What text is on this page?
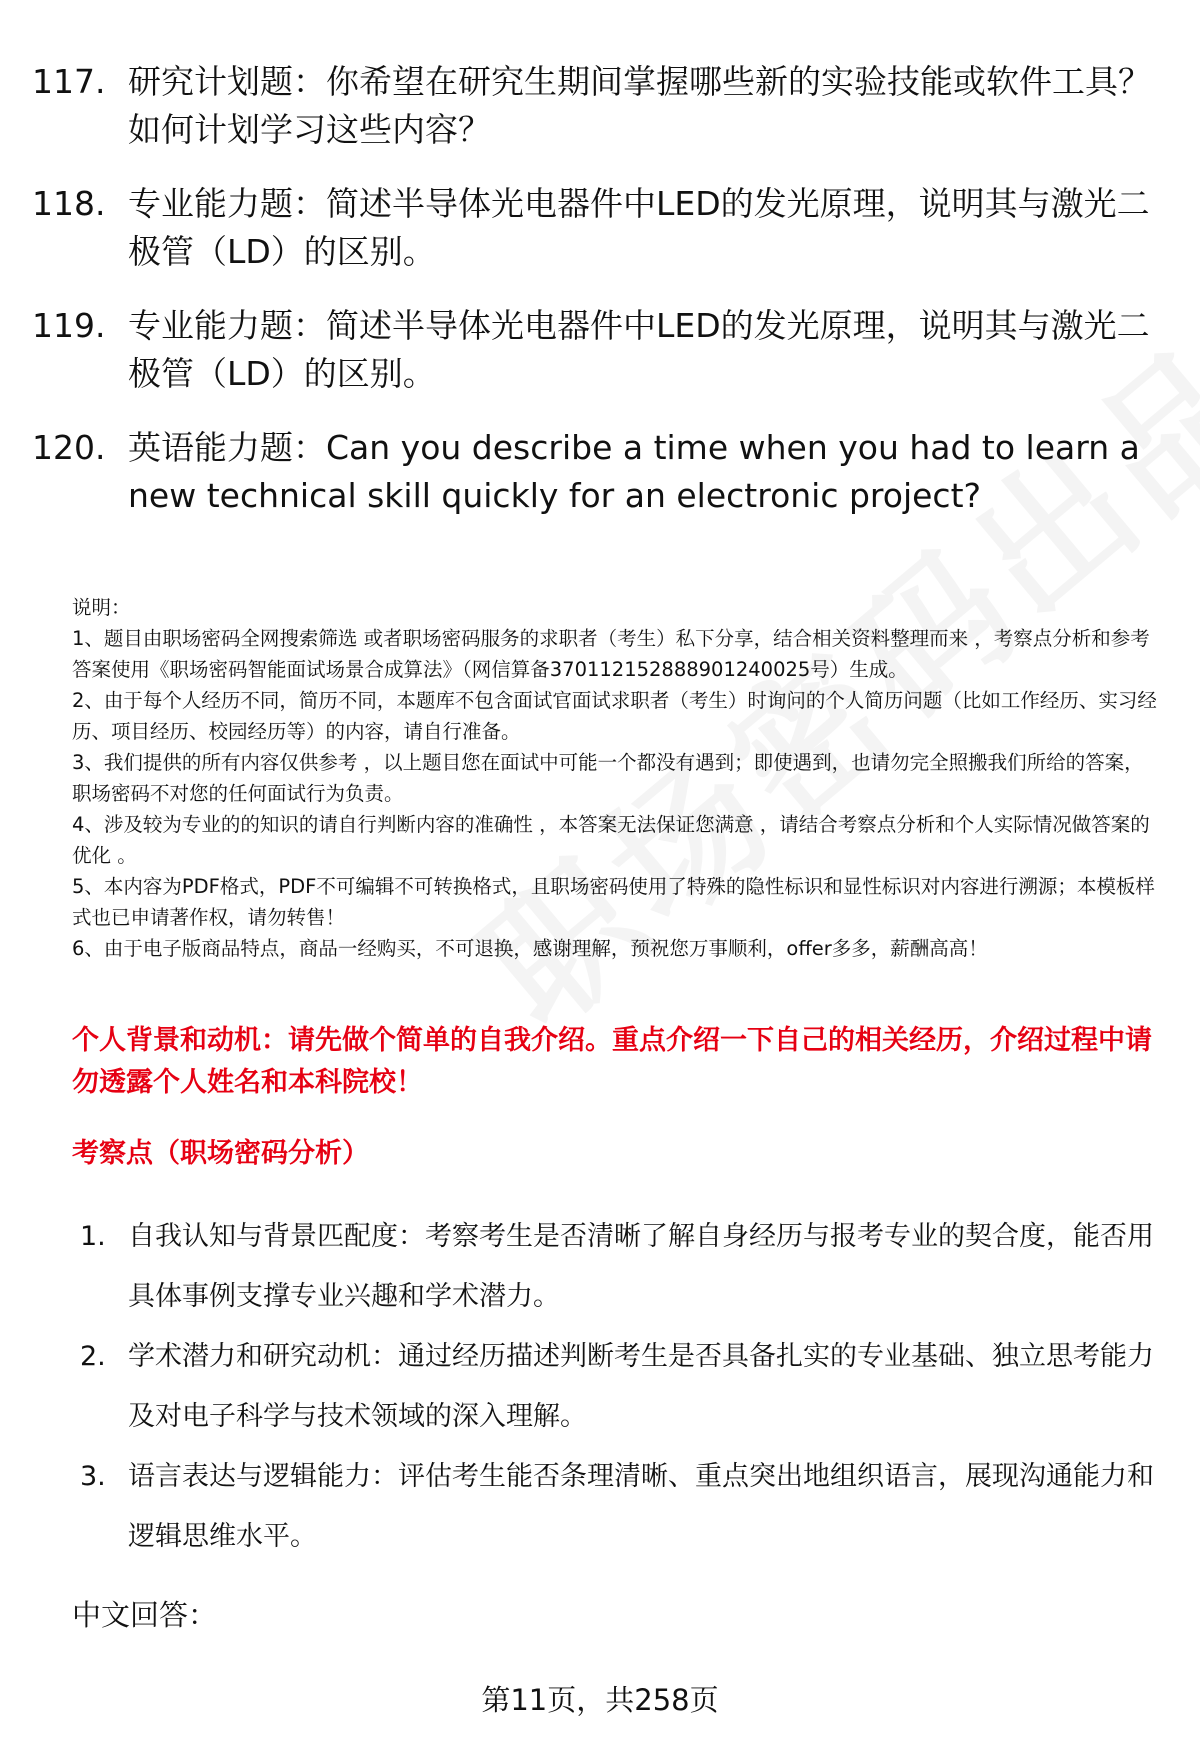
117. 研究计划题：你希望在研究生期间掌握哪些新的实验技能或软件工具？如何计划学习这些内容？
118. 专业能力题：简述半导体光电器件中LED的发光原理，说明其与激光二极管（LD）的区别。
119. 专业能力题：简述半导体光电器件中LED的发光原理，说明其与激光二极管（LD）的区别。
120. 英语能力题：Can you describe a time when you had to learn a new technical skill quickly for an electronic project?

说明：

1、题目由职场密码全网搜索筛选 或者职场密码服务的求职者（考生）私下分享，结合相关资料整理而来 ，考察点分析和参考答案使用《职场密码智能面试场景合成算法》（网信算备370112152888901240025号）生成。

2、由于每个人经历不同，简历不同，本题库不包含面试官面试求职者（考生）时询问的个人简历问题（比如工作经历、实习经历、项目经历、校园经历等）的内容，请自行准备。

3、我们提供的所有内容仅供参考 ，以上题目您在面试中可能一个都没有遇到；即使遇到，也请勿完全照搬我们所给的答案，职场密码不对您的任何面试行为负责。

4、涉及较为专业的的知识的请自行判断内容的准确性 ，本答案无法保证您满意 ，请结合考察点分析和个人实际情况做答案的优化 。

5、本内容为PDF格式，PDF不可编辑不可转换格式，且职场密码使用了特殊的隐性标识和显性标识对内容进行溯源；本模板样式也已申请著作权，请勿转售！

6、由于电子版商品特点，商品一经购买，不可退换，感谢理解，预祝您万事顺利，offer多多，薪酬高高！

个人背景和动机：请先做个简单的自我介绍。重点介绍一下自己的相关经历，介绍过程中请勿透露个人姓名和本科院校！

考察点（职场密码分析）

1. 自我认知与背景匹配度：考察考生是否清晰了解自身经历与报考专业的契合度，能否用具体事例支撑专业兴趣和学术潜力。
2. 学术潜力和研究动机：通过经历描述判断考生是否具备扎实的专业基础、独立思考能力及对电子科学与技术领域的深入理解。
3. 语言表达与逻辑能力：评估考生能否条理清晰、重点突出地组织语言，展现沟通能力和逻辑思维水平。

中文回答：

第11页，共258页
